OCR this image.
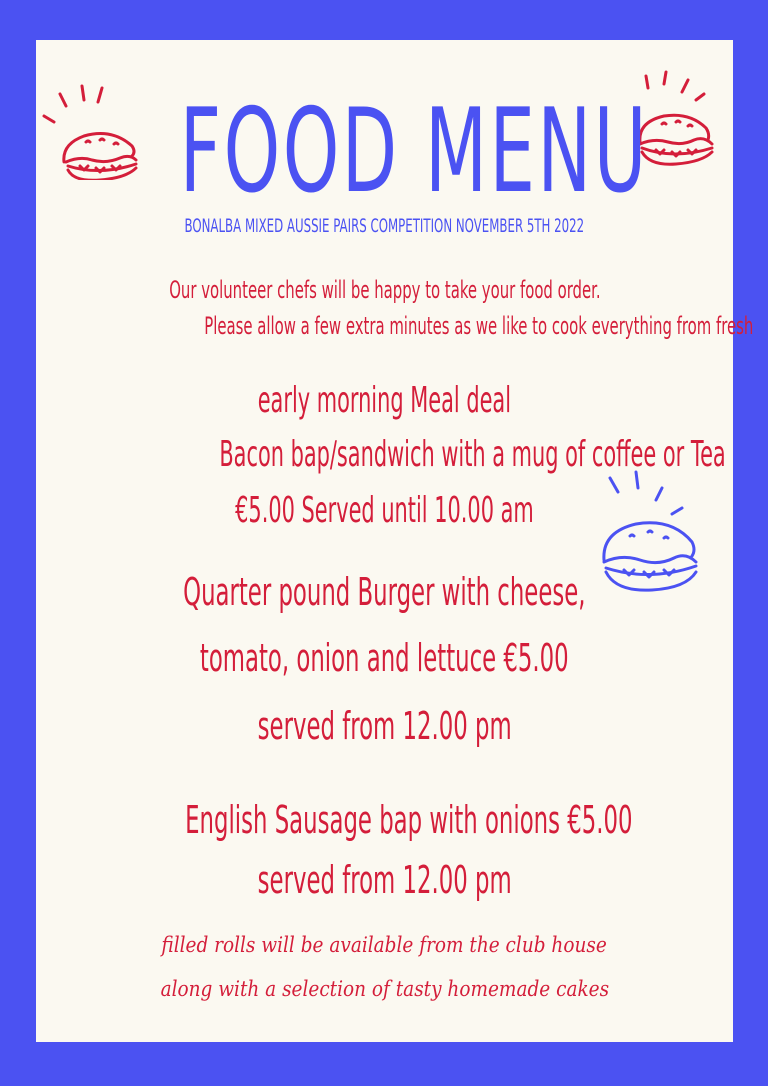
FOOD MENU
BONALBA MIXED AUSSIE PAIRS COMPETITION NOVEMBER 5TH 2022
Our volunteer chefs will be happy to take your food order.
Please allow a few extra minutes as we like to cook everything from fresh
early morning Meal deal
Bacon bap/sandwich with a mug of coffee or Tea
€5.00 Served until 10.00 am
Quarter pound Burger with cheese,
tomato, onion and lettuce €5.00
served from 12.00 pm
English Sausage bap with onions €5.00
served from 12.00 pm
filled rolls will be available from the club house
along with a selection of tasty homemade cakes
